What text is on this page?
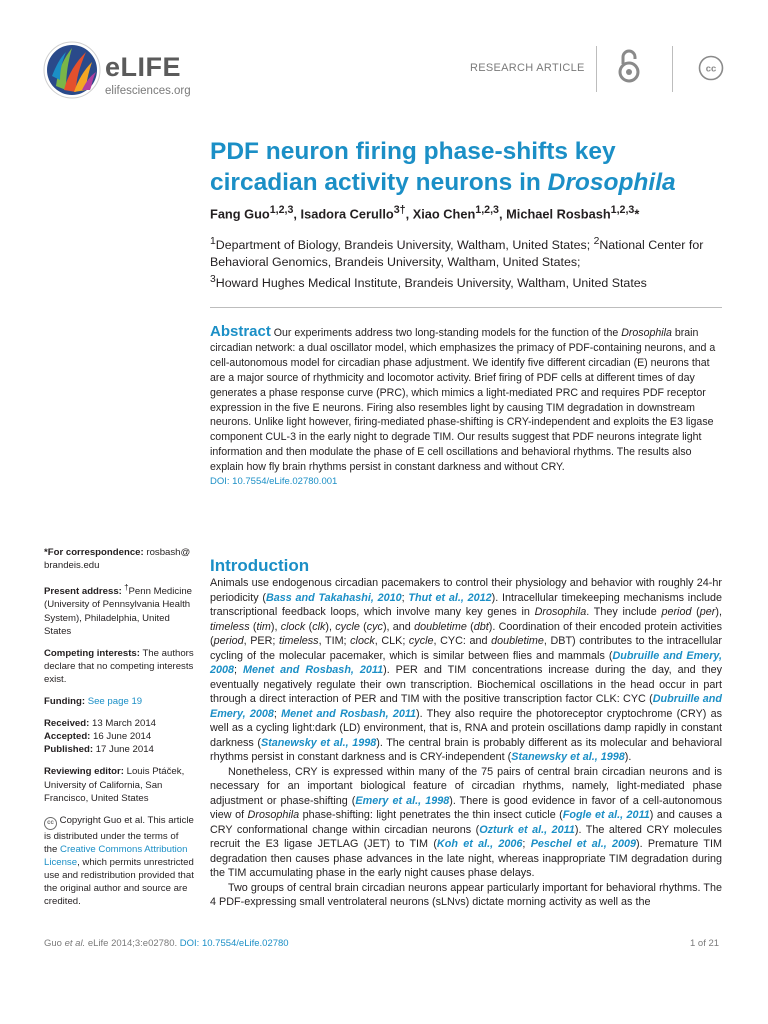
eLIFE
elifesciences.org
RESEARCH ARTICLE	cc
PDF neuron firing phase-shifts key
circadian activity neurons in Drosophila
Fang Guo$^{1,2,3}$, Isadora Cerullo$^{3\dagger}$, Xiao Chen$^{1,2,3}$, Michael Rosbash$^{1,2,3}$*
$^1$Department of Biology, Brandeis University, Waltham, United States; $^2$National Center for Behavioral Genomics, Brandeis University, Waltham, United States;
$^3$Howard Hughes Medical Institute, Brandeis University, Waltham, United States
Abstract Our experiments address two long-standing models for the function of the Drosophila brain circadian network: a dual oscillator model, which emphasizes the primacy of PDF-containing neurons, and a cell-autonomous model for circadian phase adjustment. We identify five different circadian (E) neurons that are a major source of rhythmicity and locomotor activity. Brief firing of PDF cells at different times of day generates a phase response curve (PRC), which mimics a light-mediated PRC and requires PDF receptor expression in the five E neurons. Firing also resembles light by causing TIM degradation in downstream neurons. Unlike light however, firing-mediated phase-shifting is CRY-independent and exploits the E3 ligase component CUL-3 in the early night to degrade TIM. Our results suggest that PDF neurons integrate light information and then modulate the phase of E cell oscillations and behavioral rhythms. The results also explain how fly brain rhythms persist in constant darkness and without CRY.
DOI: 10.7554/eLife.02780.001
*For correspondence: rosbash@ brandeis.edu
Present address: †Penn Medicine (University of Pennsylvania Health System), Philadelphia, United States
Competing interests: The authors declare that no competing interests exist.
Funding: See page 19
Received: 13 March 2014
Accepted: 16 June 2014
Published: 17 June 2014
Reviewing editor: Louis Ptáček, University of California, San Francisco, United States
cc Copyright Guo et al. This article is distributed under the terms of the Creative Commons Attribution License, which permits unrestricted use and redistribution provided that the original author and source are credited.
Introduction

Animals use endogenous circadian pacemakers to control their physiology and behavior with roughly 24-hr periodicity (Bass and Takahashi, 2010; Thut et al., 2012). Intracellular timekeeping mechanisms include transcriptional feedback loops, which involve many key genes in Drosophila. They include period (per), timeless (tim), clock (clk), cycle (cyc), and doubletime (dbt). Coordination of their encoded protein activities (period, PER; timeless, TIM; clock, CLK; cycle, CYC: and doubletime, DBT) contributes to the intracellular cycling of the molecular pacemaker, which is similar between flies and mammals (Dubruille and Emery, 2008; Menet and Rosbash, 2011). PER and TIM concentrations increase during the day, and they eventually negatively regulate their own transcription. Biochemical oscillations in the head occur in part through a direct interaction of PER and TIM with the positive transcription factor CLK: CYC (Dubruille and Emery, 2008; Menet and Rosbash, 2011). They also require the photoreceptor cryptochrome (CRY) as well as a cycling light:dark (LD) environment, that is, RNA and protein oscillations damp rapidly in constant darkness (Stanewsky et al., 1998). The central brain is probably different as its molecular and behavioral rhythms persist in constant darkness and is CRY-independent (Stanewsky et al., 1998).

Nonetheless, CRY is expressed within many of the 75 pairs of central brain circadian neurons and is necessary for an important biological feature of circadian rhythms, namely, light-mediated phase adjustment or phase-shifting (Emery et al., 1998). There is good evidence in favor of a cell-autonomous view of Drosophila phase-shifting: light penetrates the thin insect cuticle (Fogle et al., 2011) and causes a CRY conformational change within circadian neurons (Ozturk et al., 2011). The altered CRY molecules recruit the E3 ligase JETLAG (JET) to TIM (Koh et al., 2006; Peschel et al., 2009). Premature TIM degradation then causes phase advances in the late night, whereas inappropriate TIM degradation during the TIM accumulating phase in the early night causes phase delays.

Two groups of central brain circadian neurons appear particularly important for behavioral rhythms. The 4 PDF-expressing small ventrolateral neurons (sLNvs) dictate morning activity as well as the

Guo et al. eLife 2014;3:e02780. DOI: 10.7554/eLife.02780	1 of 21
